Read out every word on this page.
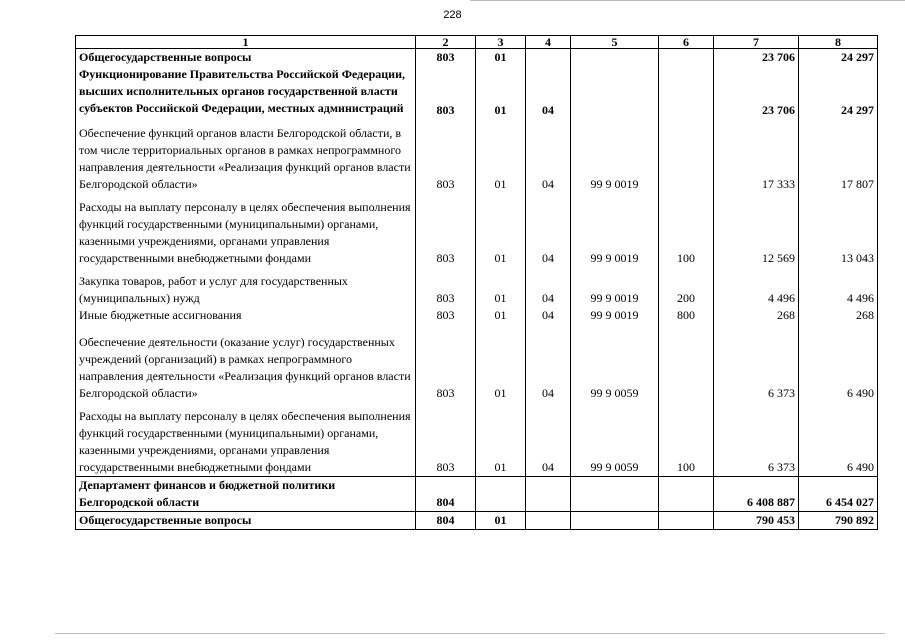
228
1	2	3	4	5	6	7	8
Общегосударственные вопросы	803	01				23 706	24 297
Функционирование Правительства Российской Федерации, высших исполнительных органов государственной власти субъектов Российской Федерации, местных администраций	803	01	04			23 706	24 297
Обеспечение функций органов власти Белгородской области, в том числе территориальных органов в рамках непрограммного направления деятельности «Реализация функций органов власти Белгородской области»	803	01	04	99 9 0019		17 333	17 807
Расходы на выплату персоналу в целях обеспечения выполнения функций государственными (муниципальными) органами, казенными учреждениями, органами управления государственными внебюджетными фондами	803	01	04	99 9 0019	100	12 569	13 043
Закупка товаров, работ и услуг для государственных (муниципальных) нужд	803	01	04	99 9 0019	200	4 496	4 496
Иные бюджетные ассигнования	803	01	04	99 9 0019	800	268	268
Обеспечение деятельности (оказание услуг) государственных учреждений (организаций) в рамках непрограммного направления деятельности «Реализация функций органов власти Белгородской области»	803	01	04	99 9 0059		6 373	6 490
Расходы на выплату персоналу в целях обеспечения выполнения функций государственными (муниципальными) органами, казенными учреждениями, органами управления государственными внебюджетными фондами	803	01	04	99 9 0059	100	6 373	6 490
Департамент финансов и бюджетной политики Белгородской области	804					6 408 887	6 454 027
Общегосударственные вопросы	804	01				790 453	790 892
